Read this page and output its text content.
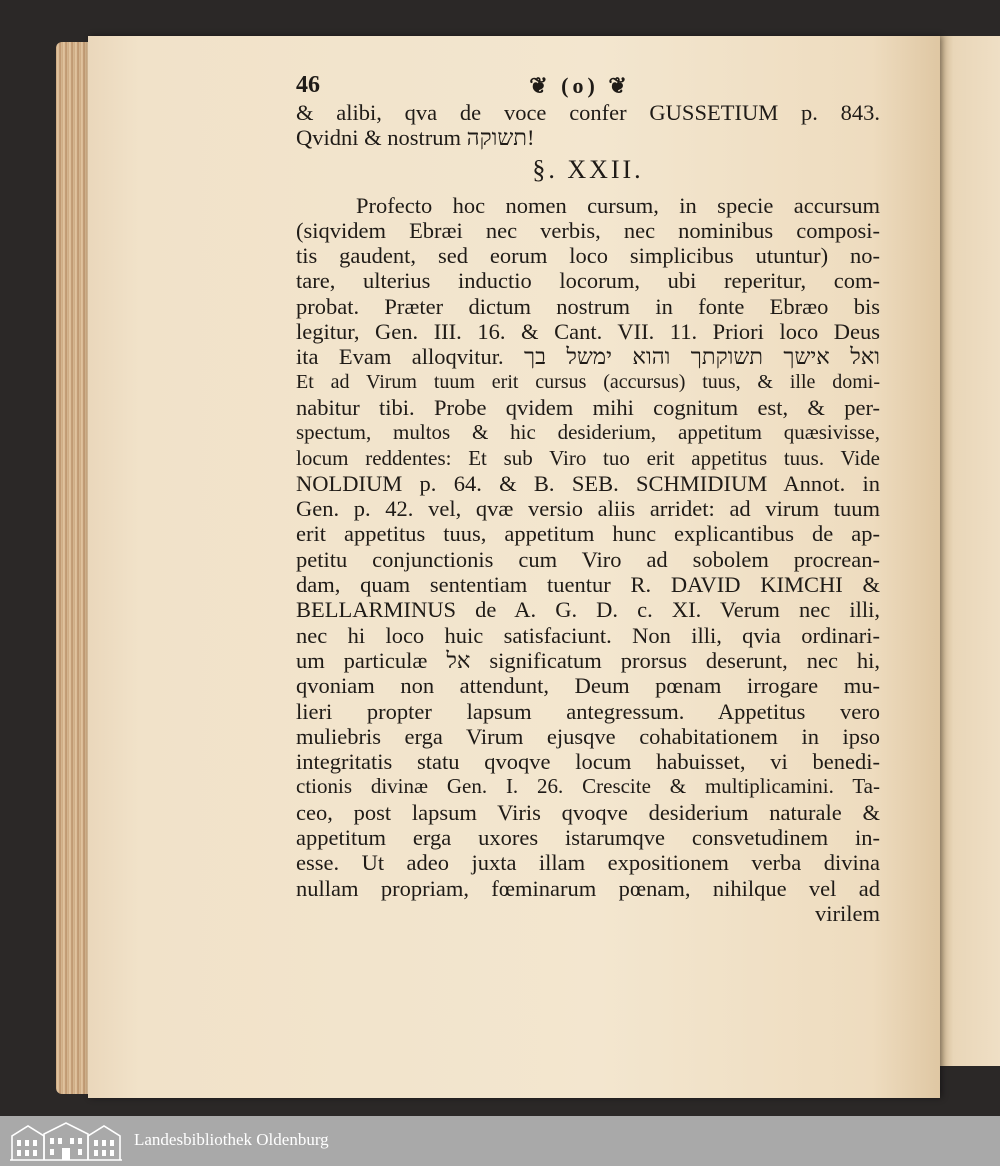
46	❦ (o) ❦
& alibi, qva de voce confer GUSSETIUM p. 843.
Qvidni & nostrum תשוקה!
§. XXII.
Profecto hoc nomen cursum, in specie accursum
(siqvidem Ebræi nec verbis, nec nominibus composi-
tis gaudent, sed eorum loco simplicibus utuntur) no-
tare, ulterius inductio locorum, ubi reperitur, com-
probat. Præter dictum nostrum in fonte Ebræo bis
legitur, Gen. III. 16. & Cant. VII. 11. Priori loco Deus
ita Evam alloqvitur. ואל אישך תשוקתך והוא ימשל בך
Et ad Virum tuum erit cursus (accursus) tuus, & ille domi-
nabitur tibi. Probe qvidem mihi cognitum est, & per-
spectum, multos & hic desiderium, appetitum quæsivisse,
locum reddentes: Et sub Viro tuo erit appetitus tuus. Vide
NOLDIUM p. 64. & B. SEB. SCHMIDIUM Annot. in
Gen. p. 42. vel, qvæ versio aliis arridet: ad virum tuum
erit appetitus tuus, appetitum hunc explicantibus de ap-
petitu conjunctionis cum Viro ad sobolem procrean-
dam, quam sententiam tuentur R. DAVID KIMCHI &
BELLARMINUS de A. G. D. c. XI. Verum nec illi,
nec hi loco huic satisfaciunt. Non illi, qvia ordinari-
um particulæ אל significatum prorsus deserunt, nec hi,
qvoniam non attendunt, Deum pœnam irrogare mu-
lieri propter lapsum antegressum. Appetitus vero
muliebris erga Virum ejusqve cohabitationem in ipso
integritatis statu qvoqve locum habuisset, vi benedi-
ctionis divinæ Gen. I. 26. Crescite & multiplicamini. Ta-
ceo, post lapsum Viris qvoqve desiderium naturale &
appetitum erga uxores istarumqve consvetudinem in-
esse. Ut adeo juxta illam expositionem verba divina
nullam propriam, fœminarum pœnam, nihilque vel ad
virilem
Landesbibliothek Oldenburg
